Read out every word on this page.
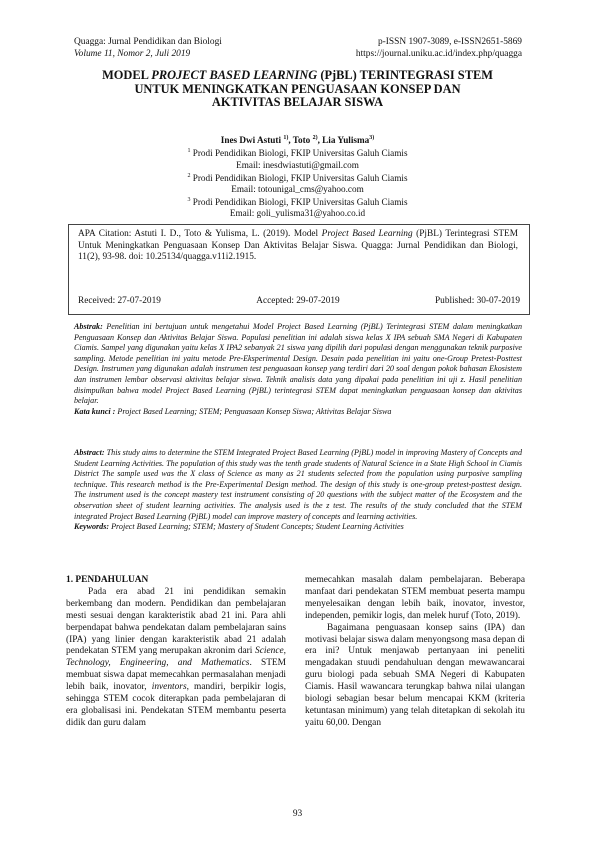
Quagga: Jurnal Pendidikan dan Biologi
Volume 11, Nomor 2, Juli 2019
p-ISSN 1907-3089, e-ISSN2651-5869
https://journal.uniku.ac.id/index.php/quagga
MODEL PROJECT BASED LEARNING (PjBL) TERINTEGRASI STEM
UNTUK MENINGKATKAN PENGUASAAN KONSEP DAN
AKTIVITAS BELAJAR SISWA
Ines Dwi Astuti $^{1)}$, Toto $^{2)}$, Lia Yulisma$^{3)}$
$^1$ Prodi Pendidikan Biologi, FKIP Universitas Galuh Ciamis
Email: inesdwiastuti@gmail.com
$^2$ Prodi Pendidikan Biologi, FKIP Universitas Galuh Ciamis
Email: totounigal_cms@yahoo.com
$^3$ Prodi Pendidikan Biologi, FKIP Universitas Galuh Ciamis
Email: goli_yulisma31@yahoo.co.id
APA Citation: Astuti I. D., Toto & Yulisma, L. (2019). Model Project Based Learning (PjBL) Terintegrasi STEM Untuk Meningkatkan Penguasaan Konsep Dan Aktivitas Belajar Siswa. Quagga: Jurnal Pendidikan dan Biologi, 11(2), 93-98. doi: 10.25134/quagga.v11i2.1915.
Received: 27-07-2019	Accepted: 29-07-2019	Published: 30-07-2019
Abstrak: Penelitian ini bertujuan untuk mengetahui Model Project Based Learning (PjBL) Terintegrasi STEM dalam meningkatkan Penguasaan Konsep dan Aktivitas Belajar Siswa. Populasi penelitian ini adalah siswa kelas X IPA sebuah SMA Negeri di Kabupaten Ciamis. Sampel yang digunakan yaitu kelas X IPA2 sebanyak 21 siswa yang dipilih dari populasi dengan menggunakan teknik purposive sampling. Metode penelitian ini yaitu metode Pre-Eksperimental Design. Desain pada penelitian ini yaitu one-Group Pretest-Posttest Design. Instrumen yang digunakan adalah instrumen test penguasaan konsep yang terdiri dari 20 soal dengan pokok bahasan Ekosistem dan instrumen lembar observasi aktivitas belajar siswa. Teknik analisis data yang dipakai pada penelitian ini uji z. Hasil penelitian disimpulkan bahwa model Project Based Learning (PjBL) terintegrasi STEM dapat meningkatkan penguasaan konsep dan aktivitas belajar.
Kata kunci : Project Based Learning; STEM; Penguasaan Konsep Siswa; Aktivitas Belajar Siswa
Abstract: This study aims to determine the STEM Integrated Project Based Learning (PjBL) model in improving Mastery of Concepts and Student Learning Activities. The population of this study was the tenth grade students of Natural Science in a State High School in Ciamis District The sample used was the X class of Science as many as 21 students selected from the population using purposive sampling technique. This research method is the Pre-Experimental Design method. The design of this study is one-group pretest-posttest design. The instrument used is the concept mastery test instrument consisting of 20 questions with the subject matter of the Ecosystem and the observation sheet of student learning activities. The analysis used is the z test. The results of the study concluded that the STEM integrated Project Based Learning (PjBL) model can improve mastery of concepts and learning activities.
Keywords: Project Based Learning; STEM; Mastery of Student Concepts; Student Learning Activities
1. PENDAHULUAN
Pada era abad 21 ini pendidikan semakin berkembang dan modern. Pendidikan dan pembelajaran mesti sesuai dengan karakteristik abad 21 ini. Para ahli berpendapat bahwa pendekatan dalam pembelajaran sains (IPA) yang linier dengan karakteristik abad 21 adalah pendekatan STEM yang merupakan akronim dari Science, Technology, Engineering, and Mathematics. STEM membuat siswa dapat memecahkan permasalahan menjadi lebih baik, inovator, inventors, mandiri, berpikir logis, sehingga STEM cocok diterapkan pada pembelajaran di era globalisasi ini. Pendekatan STEM membantu peserta didik dan guru dalam
memecahkan masalah dalam pembelajaran. Beberapa manfaat dari pendekatan STEM membuat peserta mampu menyelesaikan dengan lebih baik, inovator, investor, independen, pemikir logis, dan melek huruf (Toto, 2019).
Bagaimana penguasaan konsep sains (IPA) dan motivasi belajar siswa dalam menyongsong masa depan di era ini? Untuk menjawab pertanyaan ini peneliti mengadakan stuudi pendahuluan dengan mewawancarai guru biologi pada sebuah SMA Negeri di Kabupaten Ciamis. Hasil wawancara terungkap bahwa nilai ulangan biologi sebagian besar belum mencapai KKM (kriteria ketuntasan minimum) yang telah ditetapkan di sekolah itu yaitu 60,00. Dengan
93
